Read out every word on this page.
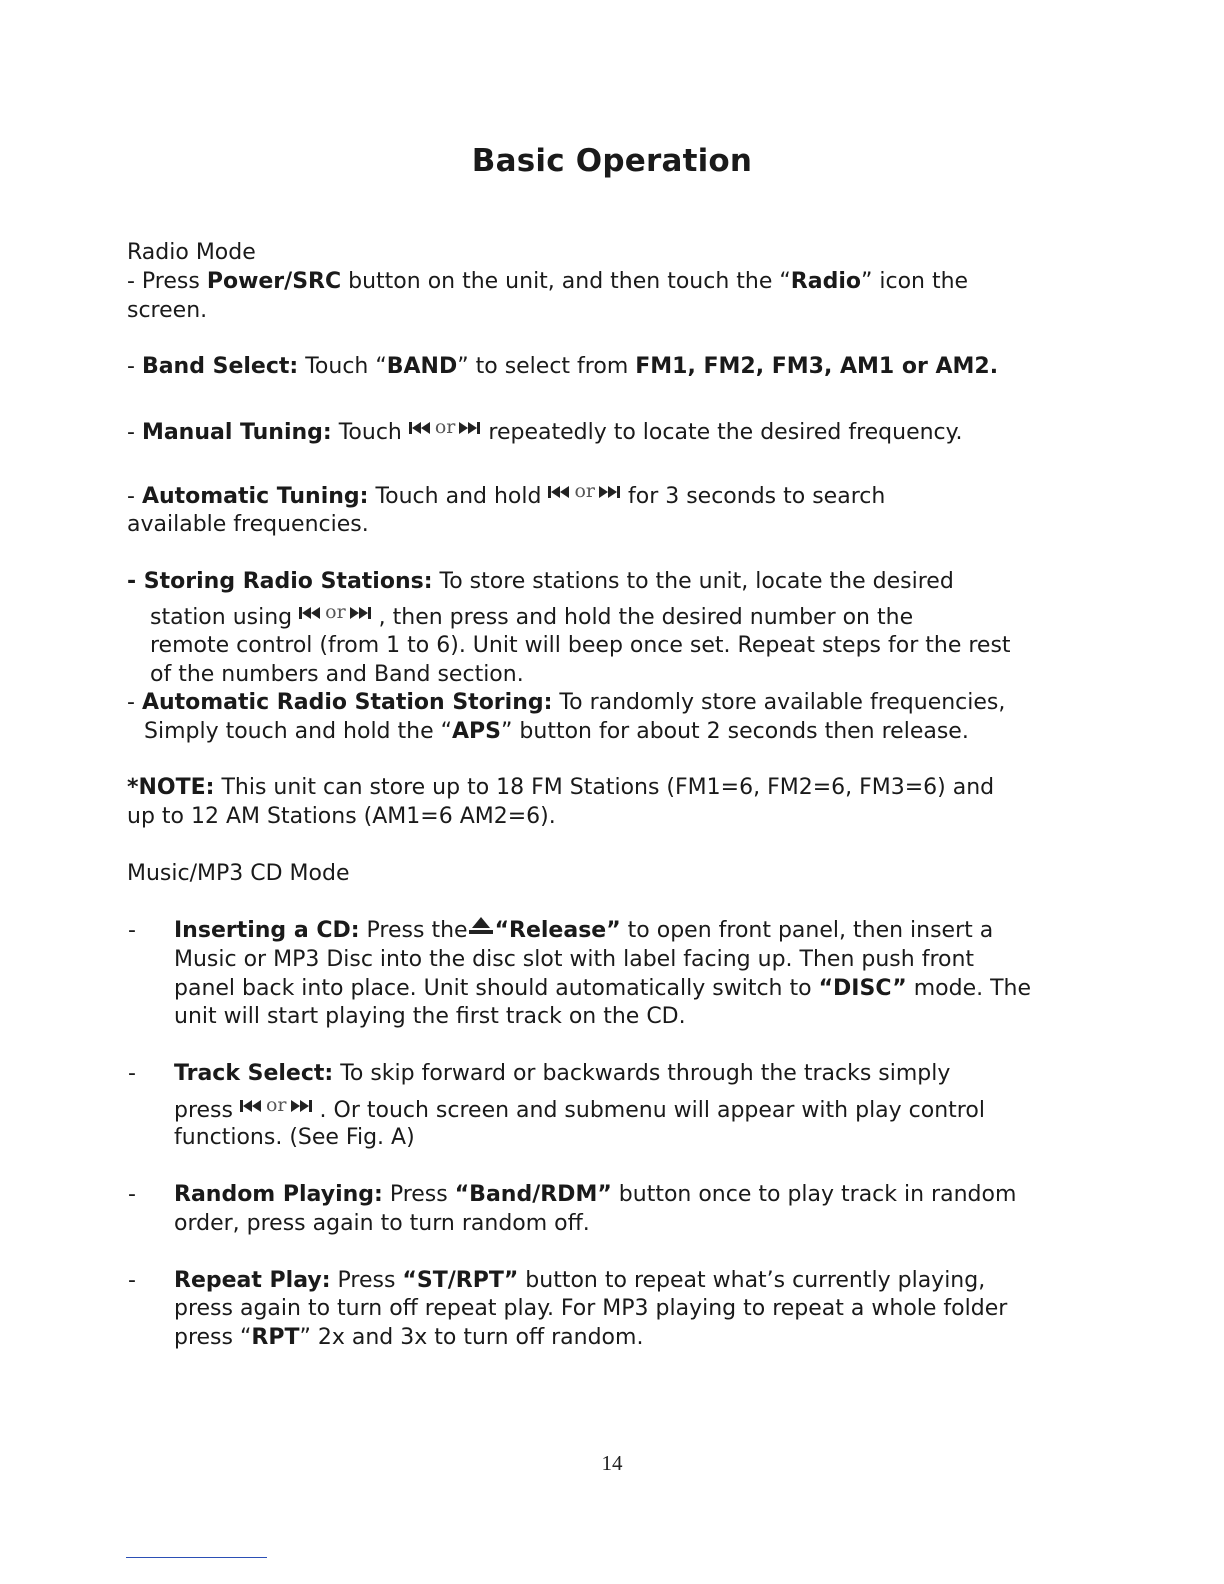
Basic Operation
Radio Mode
- Press Power/SRC button on the unit, and then touch the “Radio” icon the
screen.
- Band Select: Touch “BAND” to select from FM1, FM2, FM3, AM1 or AM2.
- Manual Tuning: Touch or repeatedly to locate the desired frequency.
- Automatic Tuning: Touch and hold or for 3 seconds to search
available frequencies.
- Storing Radio Stations: To store stations to the unit, locate the desired
station using or , then press and hold the desired number on the
remote control (from 1 to 6). Unit will beep once set. Repeat steps for the rest
of the numbers and Band section.
- Automatic Radio Station Storing: To randomly store available frequencies,
Simply touch and hold the “APS” button for about 2 seconds then release.
*NOTE: This unit can store up to 18 FM Stations (FM1=6, FM2=6, FM3=6) and
up to 12 AM Stations (AM1=6 AM2=6).
Music/MP3 CD Mode
- Inserting a CD: Press the “Release” to open front panel, then insert a
Music or MP3 Disc into the disc slot with label facing up. Then push front
panel back into place. Unit should automatically switch to “DISC” mode. The
unit will start playing the first track on the CD.
- Track Select: To skip forward or backwards through the tracks simply
press or . Or touch screen and submenu will appear with play control
functions. (See Fig. A)
- Random Playing: Press “Band/RDM” button once to play track in random
order, press again to turn random off.
- Repeat Play: Press “ST/RPT” button to repeat what’s currently playing,
press again to turn off repeat play. For MP3 playing to repeat a whole folder
press “RPT” 2x and 3x to turn off random.
14
